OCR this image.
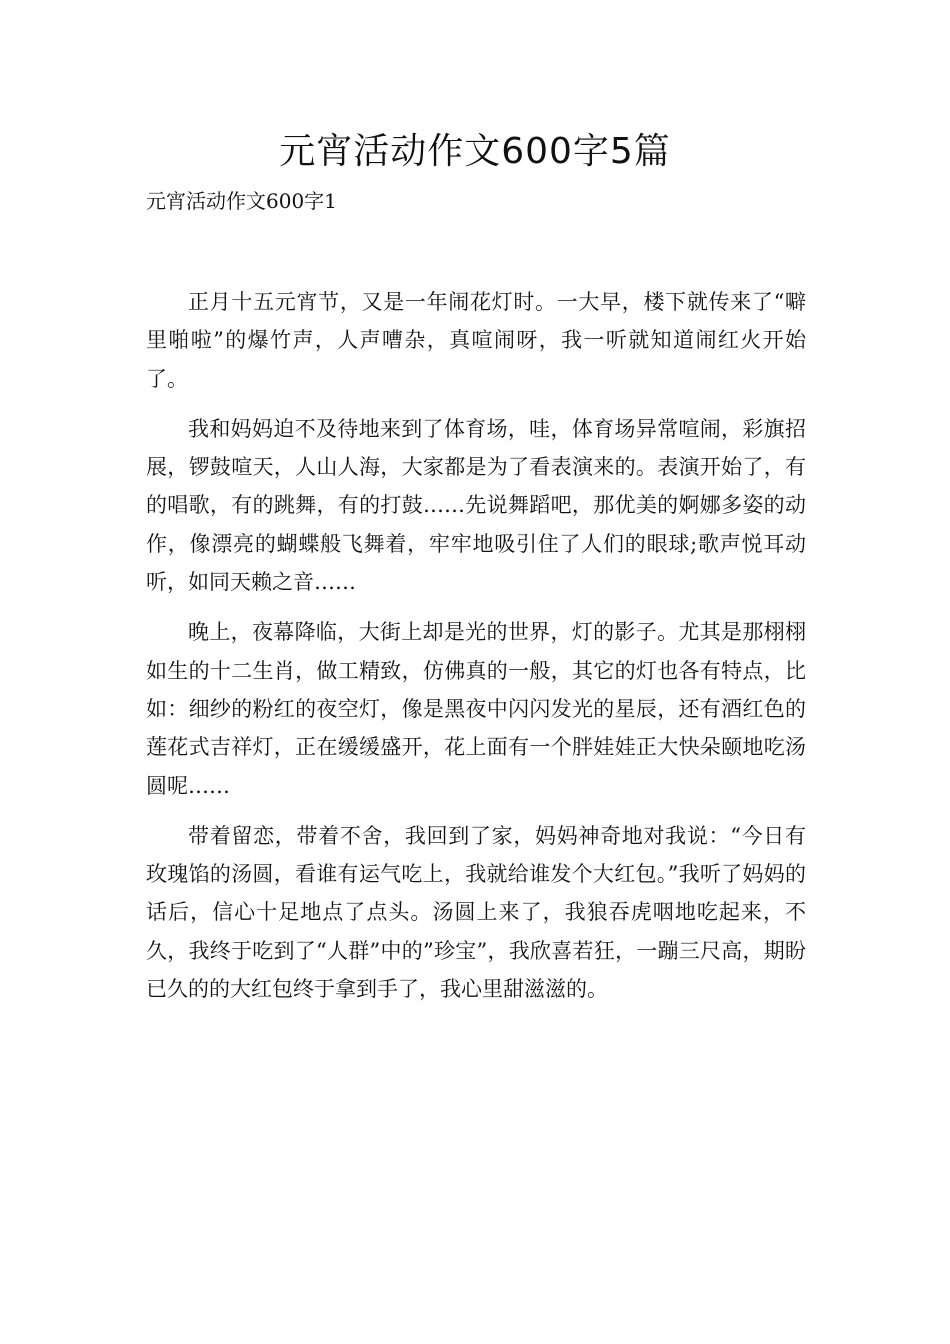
元宵活动作文600字5篇

元宵活动作文600字1

正月十五元宵节，又是一年闹花灯时。一大早，楼下就传来了“噼里啪啦”的爆竹声，人声嘈杂，真喧闹呀，我一听就知道闹红火开始了。

我和妈妈迫不及待地来到了体育场，哇，体育场异常喧闹，彩旗招展，锣鼓喧天，人山人海，大家都是为了看表演来的。表演开始了，有的唱歌，有的跳舞，有的打鼓……先说舞蹈吧，那优美的婀娜多姿的动作，像漂亮的蝴蝶般飞舞着，牢牢地吸引住了人们的眼球;歌声悦耳动听，如同天赖之音……

晚上，夜幕降临，大街上却是光的世界，灯的影子。尤其是那栩栩如生的十二生肖，做工精致，仿佛真的一般，其它的灯也各有特点，比如：细纱的粉红的夜空灯，像是黑夜中闪闪发光的星辰，还有酒红色的莲花式吉祥灯，正在缓缓盛开，花上面有一个胖娃娃正大快朵颐地吃汤圆呢……

带着留恋，带着不舍，我回到了家，妈妈神奇地对我说：“今日有玫瑰馅的汤圆，看谁有运气吃上，我就给谁发个大红包。”我听了妈妈的话后，信心十足地点了点头。汤圆上来了，我狼吞虎咽地吃起来，不久，我终于吃到了“人群”中的”珍宝”，我欣喜若狂，一蹦三尺高，期盼已久的的大红包终于拿到手了，我心里甜滋滋的。
